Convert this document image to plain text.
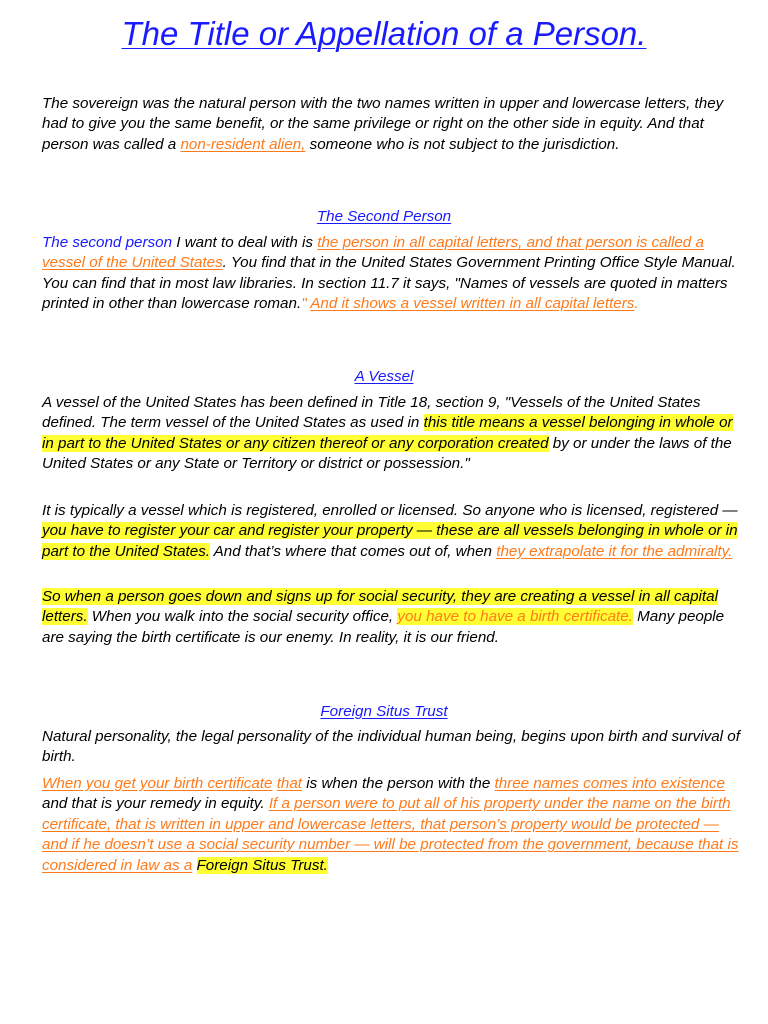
The Title or Appellation of a Person.

The sovereign was the natural person with the two names written in upper and lowercase letters, they had to give you the same benefit, or the same privilege or right on the other side in equity. And that person was called a non-resident alien, someone who is not subject to the jurisdiction.

The Second Person

The second person I want to deal with is the person in all capital letters, and that person is called a vessel of the United States. You find that in the United States Government Printing Office Style Manual. You can find that in most law libraries. In section 11.7 it says, "Names of vessels are quoted in matters printed in other than lowercase roman." And it shows a vessel written in all capital letters.

A Vessel

A vessel of the United States has been defined in Title 18, section 9, "Vessels of the United States defined. The term vessel of the United States as used in this title means a vessel belonging in whole or in part to the United States or any citizen thereof or any corporation created by or under the laws of the United States or any State or Territory or district or possession."

It is typically a vessel which is registered, enrolled or licensed. So anyone who is licensed, registered — you have to register your car and register your property — these are all vessels belonging in whole or in part to the United States. And that’s where that comes out of, when they extrapolate it for the admiralty.

So when a person goes down and signs up for social security, they are creating a vessel in all capital letters. When you walk into the social security office, you have to have a birth certificate. Many people are saying the birth certificate is our enemy. In reality, it is our friend.

Foreign Situs Trust

Natural personality, the legal personality of the individual human being, begins upon birth and survival of birth.

When you get your birth certificate that is when the person with the three names comes into existence and that is your remedy in equity. If a person were to put all of his property under the name on the birth certificate, that is written in upper and lowercase letters, that person’s property would be protected — and if he doesn’t use a social security number — will be protected from the government, because that is considered in law as a Foreign Situs Trust.
